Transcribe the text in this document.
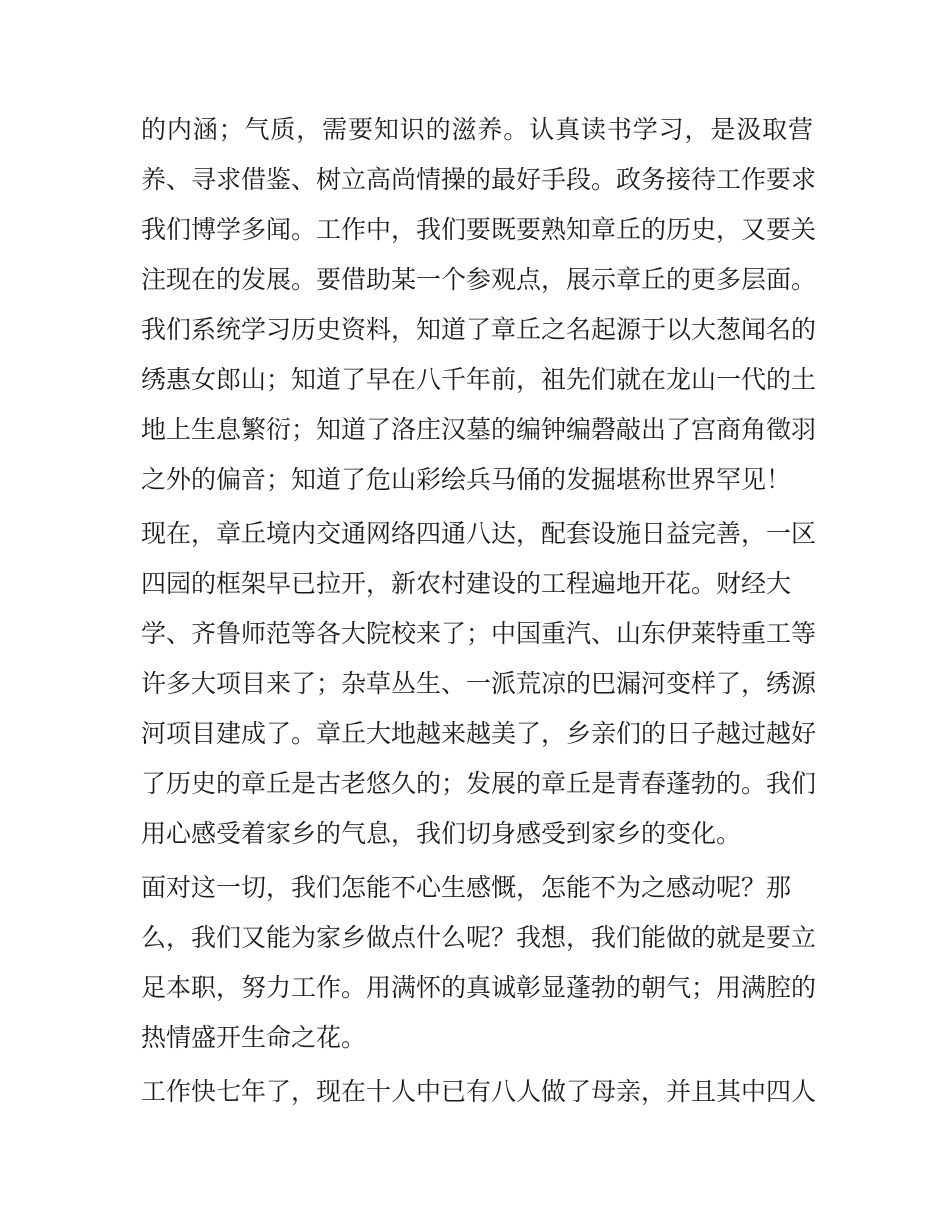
的内涵；气质，需要知识的滋养。认真读书学习，是汲取营
养、寻求借鉴、树立高尚情操的最好手段。政务接待工作要求
我们博学多闻。工作中，我们要既要熟知章丘的历史，又要关
注现在的发展。要借助某一个参观点，展示章丘的更多层面。
我们系统学习历史资料，知道了章丘之名起源于以大葱闻名的
绣惠女郎山；知道了早在八千年前，祖先们就在龙山一代的土
地上生息繁衍；知道了洛庄汉墓的编钟编磬敲出了宫商角徵羽
之外的偏音；知道了危山彩绘兵马俑的发掘堪称世界罕见！
现在，章丘境内交通网络四通八达，配套设施日益完善，一区
四园的框架早已拉开，新农村建设的工程遍地开花。财经大
学、齐鲁师范等各大院校来了；中国重汽、山东伊莱特重工等
许多大项目来了；杂草丛生、一派荒凉的巴漏河变样了，绣源
河项目建成了。章丘大地越来越美了，乡亲们的日子越过越好
了历史的章丘是古老悠久的；发展的章丘是青春蓬勃的。我们
用心感受着家乡的气息，我们切身感受到家乡的变化。
面对这一切，我们怎能不心生感慨，怎能不为之感动呢？那
么，我们又能为家乡做点什么呢？我想，我们能做的就是要立
足本职，努力工作。用满怀的真诚彰显蓬勃的朝气；用满腔的
热情盛开生命之花。
工作快七年了，现在十人中已有八人做了母亲，并且其中四人
